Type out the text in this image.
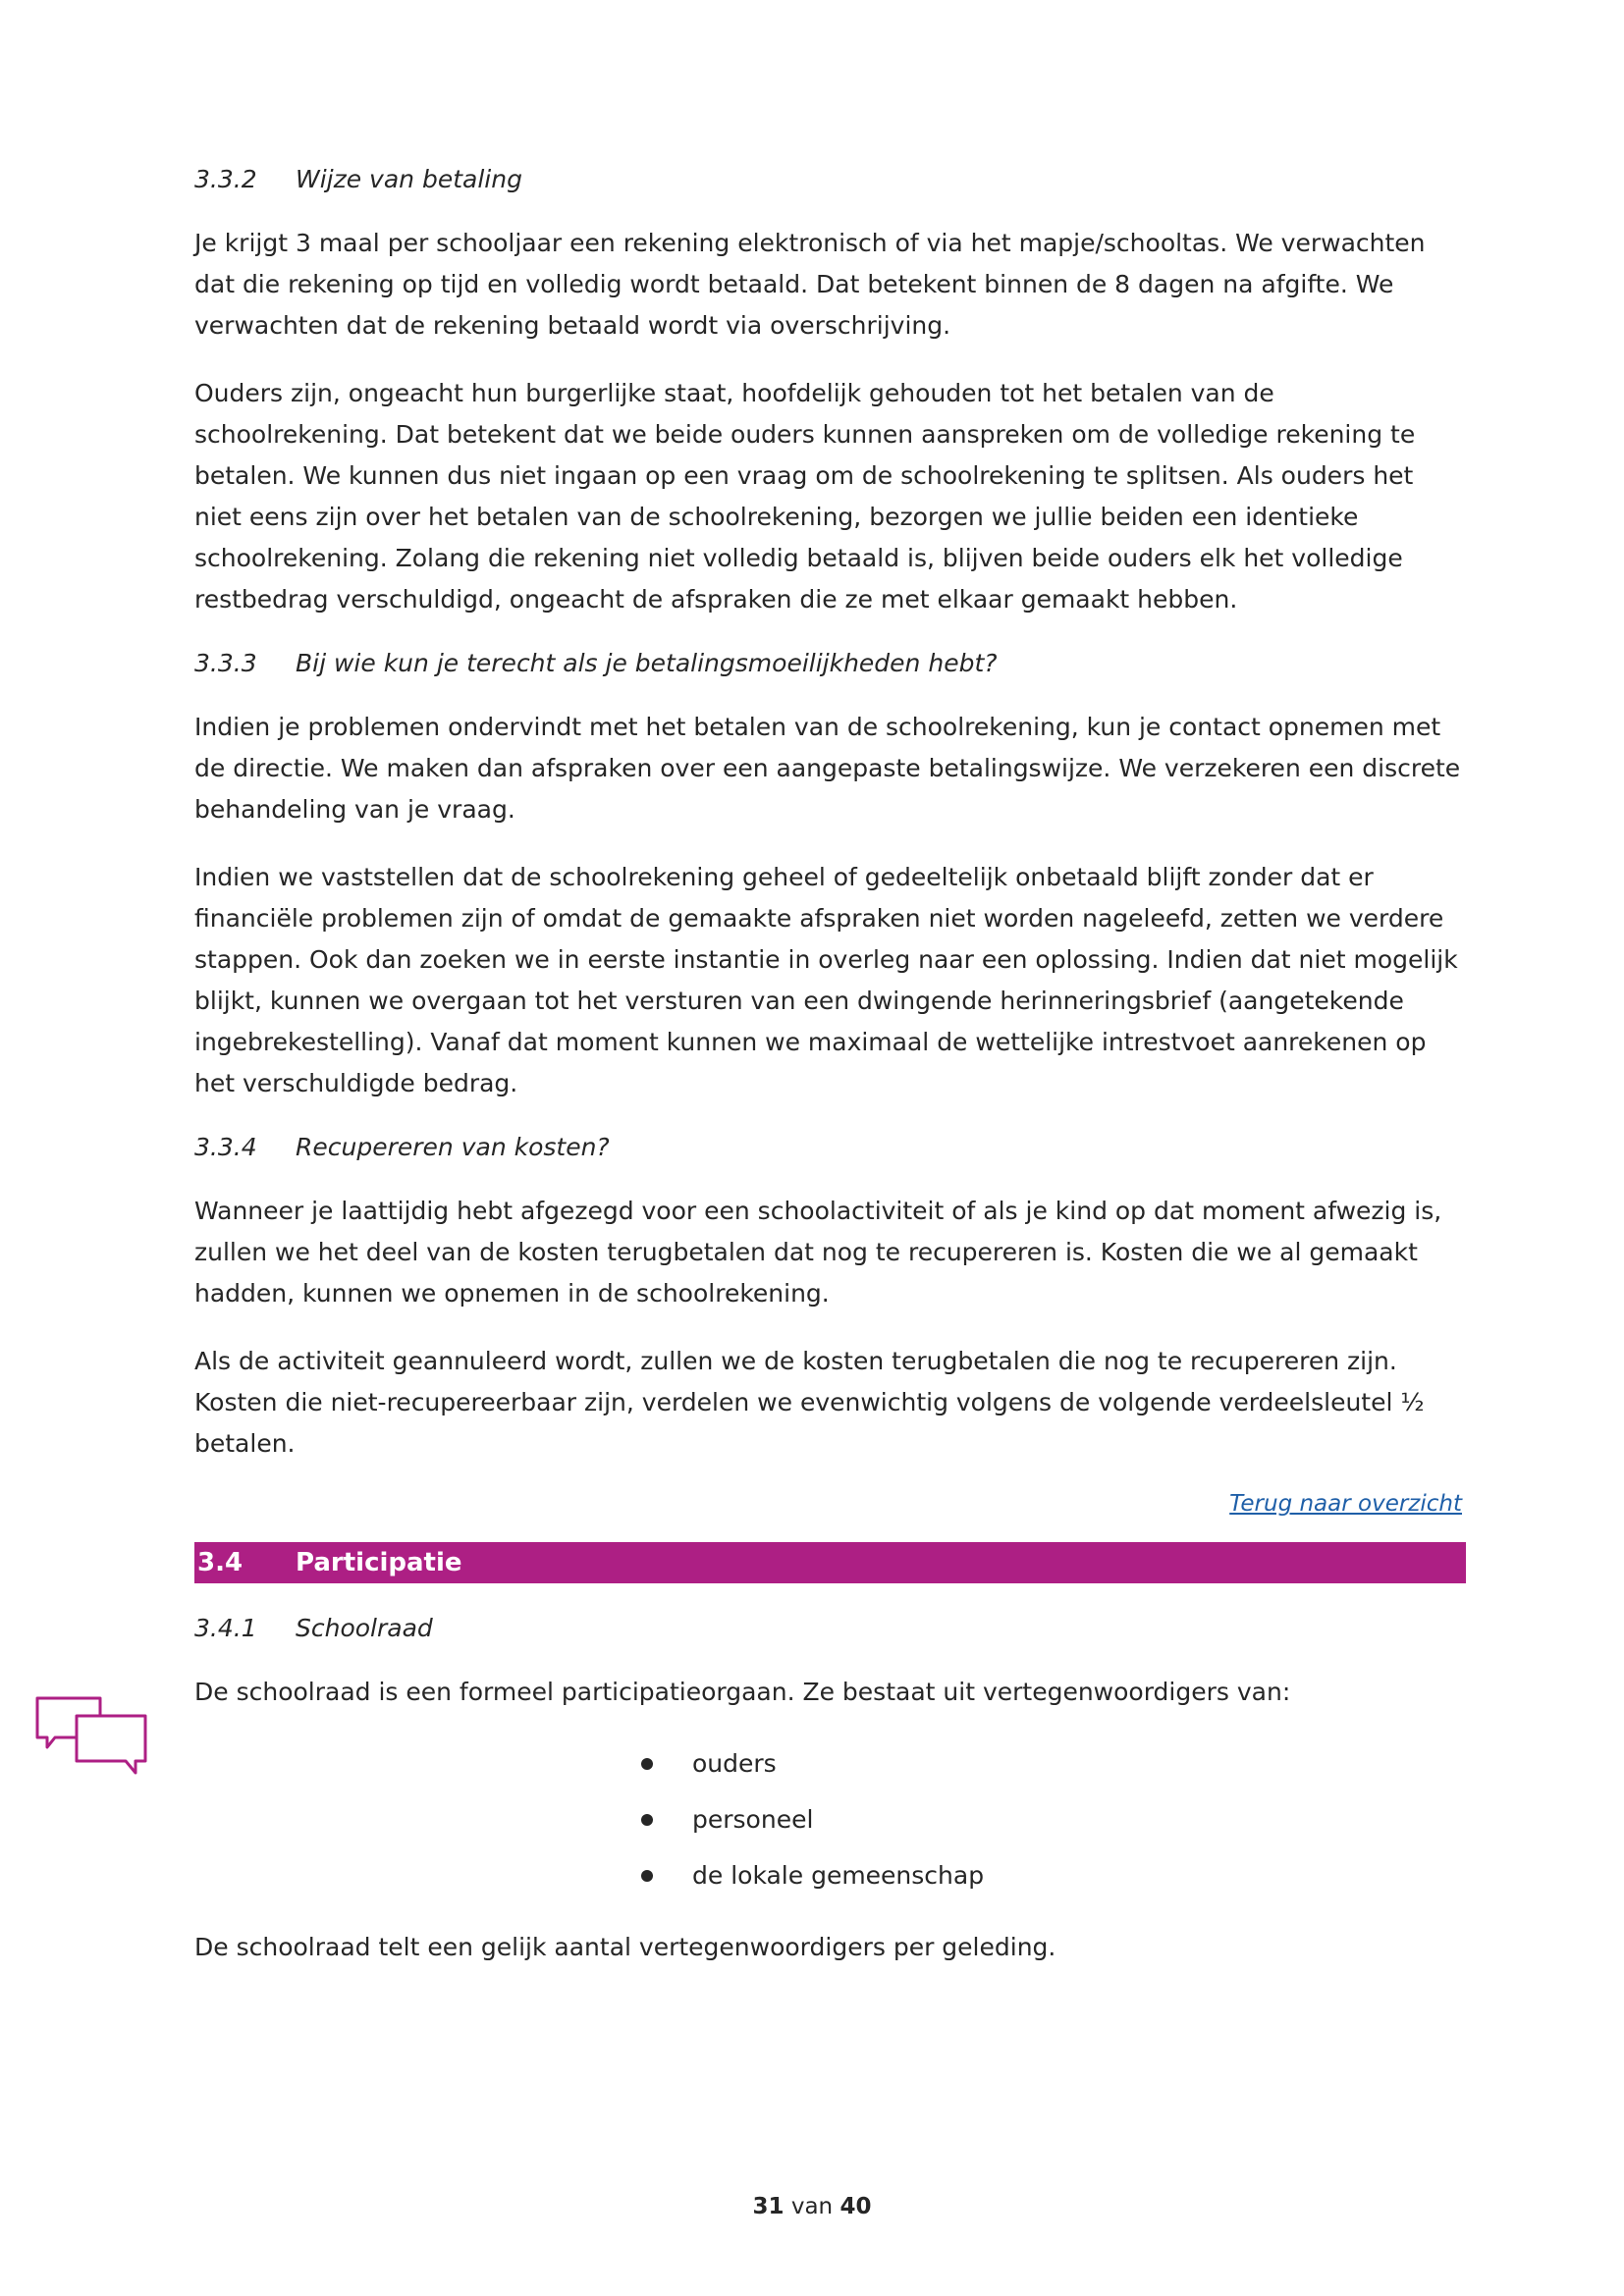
3.3.2	Wijze van betaling

Je krijgt 3 maal per schooljaar een rekening elektronisch of via het mapje/schooltas. We verwachten dat die rekening op tijd en volledig wordt betaald. Dat betekent binnen de 8 dagen na afgifte. We verwachten dat de rekening betaald wordt via overschrijving.

Ouders zijn, ongeacht hun burgerlijke staat, hoofdelijk gehouden tot het betalen van de schoolrekening. Dat betekent dat we beide ouders kunnen aanspreken om de volledige rekening te betalen. We kunnen dus niet ingaan op een vraag om de schoolrekening te splitsen. Als ouders het niet eens zijn over het betalen van de schoolrekening, bezorgen we jullie beiden een identieke schoolrekening. Zolang die rekening niet volledig betaald is, blijven beide ouders elk het volledige restbedrag verschuldigd, ongeacht de afspraken die ze met elkaar gemaakt hebben.

3.3.3	Bij wie kun je terecht als je betalingsmoeilijkheden hebt?

Indien je problemen ondervindt met het betalen van de schoolrekening, kun je contact opnemen met de directie. We maken dan afspraken over een aangepaste betalingswijze. We verzekeren een discrete behandeling van je vraag.

Indien we vaststellen dat de schoolrekening geheel of gedeeltelijk onbetaald blijft zonder dat er financiële problemen zijn of omdat de gemaakte afspraken niet worden nageleefd, zetten we verdere stappen. Ook dan zoeken we in eerste instantie in overleg naar een oplossing. Indien dat niet mogelijk blijkt, kunnen we overgaan tot het versturen van een dwingende herinneringsbrief (aangetekende ingebrekestelling). Vanaf dat moment kunnen we maximaal de wettelijke intrestvoet aanrekenen op het verschuldigde bedrag.

3.3.4	Recupereren van kosten?

Wanneer je laattijdig hebt afgezegd voor een schoolactiviteit of als je kind op dat moment afwezig is, zullen we het deel van de kosten terugbetalen dat nog te recupereren is. Kosten die we al gemaakt hadden, kunnen we opnemen in de schoolrekening.

Als de activiteit geannuleerd wordt, zullen we de kosten terugbetalen die nog te recupereren zijn. Kosten die niet-recupereerbaar zijn, verdelen we evenwichtig volgens de volgende verdeelsleutel ½ betalen.

Terug naar overzicht
3.4	Participatie
3.4.1	Schoolraad

De schoolraad is een formeel participatieorgaan. Ze bestaat uit vertegenwoordigers van:

ouders
personeel
de lokale gemeenschap

De schoolraad telt een gelijk aantal vertegenwoordigers per geleding.

31 van 40
